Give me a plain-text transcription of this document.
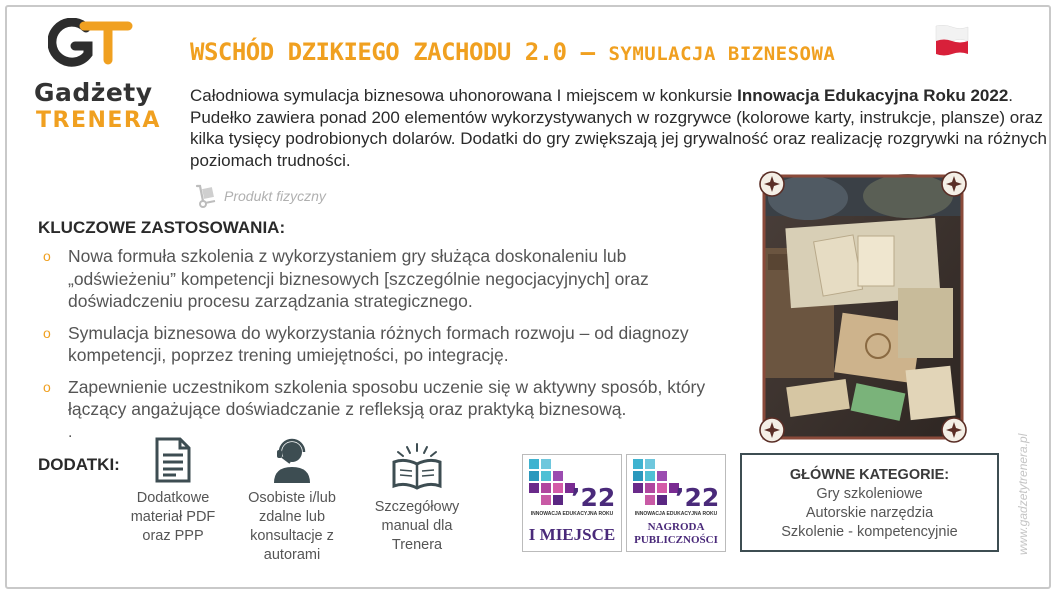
Gadżety
TRENERA
WSCHÓD DZIKIEGO ZACHODU 2.0 – SYMULACJA BIZNESOWA
Całodniowa symulacja biznesowa uhonorowana I miejscem w konkursie Innowacja Edukacyjna Roku 2022. Pudełko zawiera ponad 200 elementów wykorzystywanych w rozgrywce (kolorowe karty, instrukcje, plansze) oraz kilka tysięcy podrobionych dolarów. Dodatki do gry zwiększają jej grywalność oraz realizację rozgrywki na różnych poziomach trudności.
Produkt fizyczny
KLUCZOWE ZASTOSOWANIA:
o Nowa formuła szkolenia z wykorzystaniem gry służąca doskonaleniu lub „odświeżeniu” kompetencji biznesowych [szczególnie negocjacyjnych] oraz doświadczeniu procesu zarządzania strategicznego.
o Symulacja biznesowa do wykorzystania różnych formach rozwoju – od diagnozy kompetencji, poprzez trening umiejętności, po integrację.
o Zapewnienie uczestnikom szkolenia sposobu uczenie się w aktywny sposób, który łączący angażujące doświadczanie z refleksją oraz praktyką biznesową.
.
DODATKI:
Dodatkowe materiał PDF oraz PPP
Osobiste i/lub zdalne lub konsultacje z autorami
Szczegółowy manual dla Trenera
’22
INNOWACJA EDUKACYJNA ROKU
I MIEJSCE
’22
INNOWACJA EDUKACYJNA ROKU
NAGRODA PUBLICZNOŚCI
GŁÓWNE KATEGORIE:
Gry szkoleniowe
Autorskie narzędzia
Szkolenie - kompetencyjnie	www.gadzetytrenera.pl
